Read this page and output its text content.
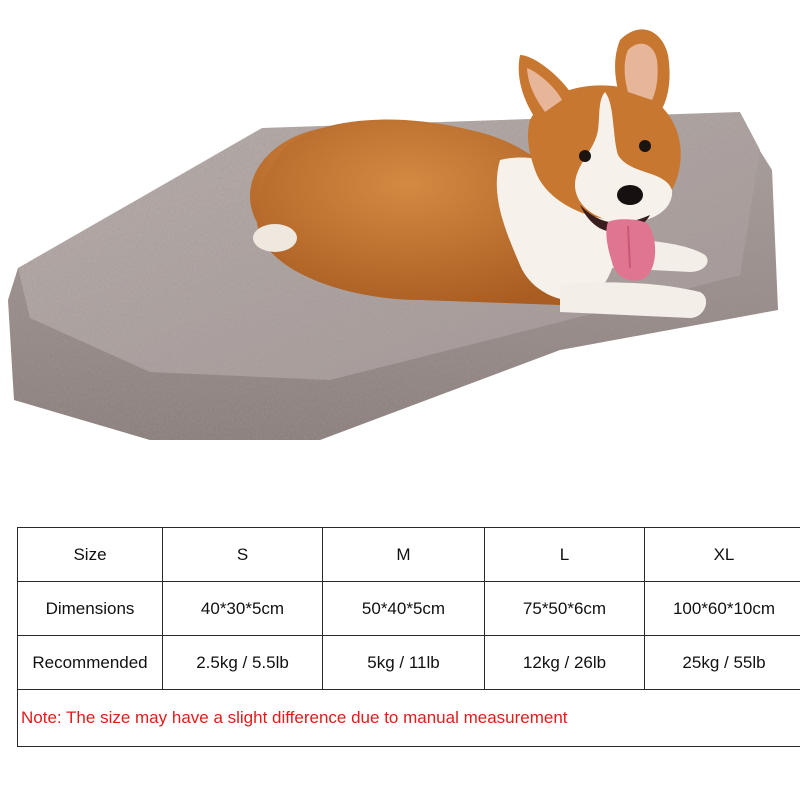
Size	S	M	L	XL
Dimensions	40*30*5cm	50*40*5cm	75*50*6cm	100*60*10cm
Recommended	2.5kg / 5.5lb	5kg / 11lb	12kg / 26lb	25kg / 55lb
Note: The size may have a slight difference due to manual measurement				
